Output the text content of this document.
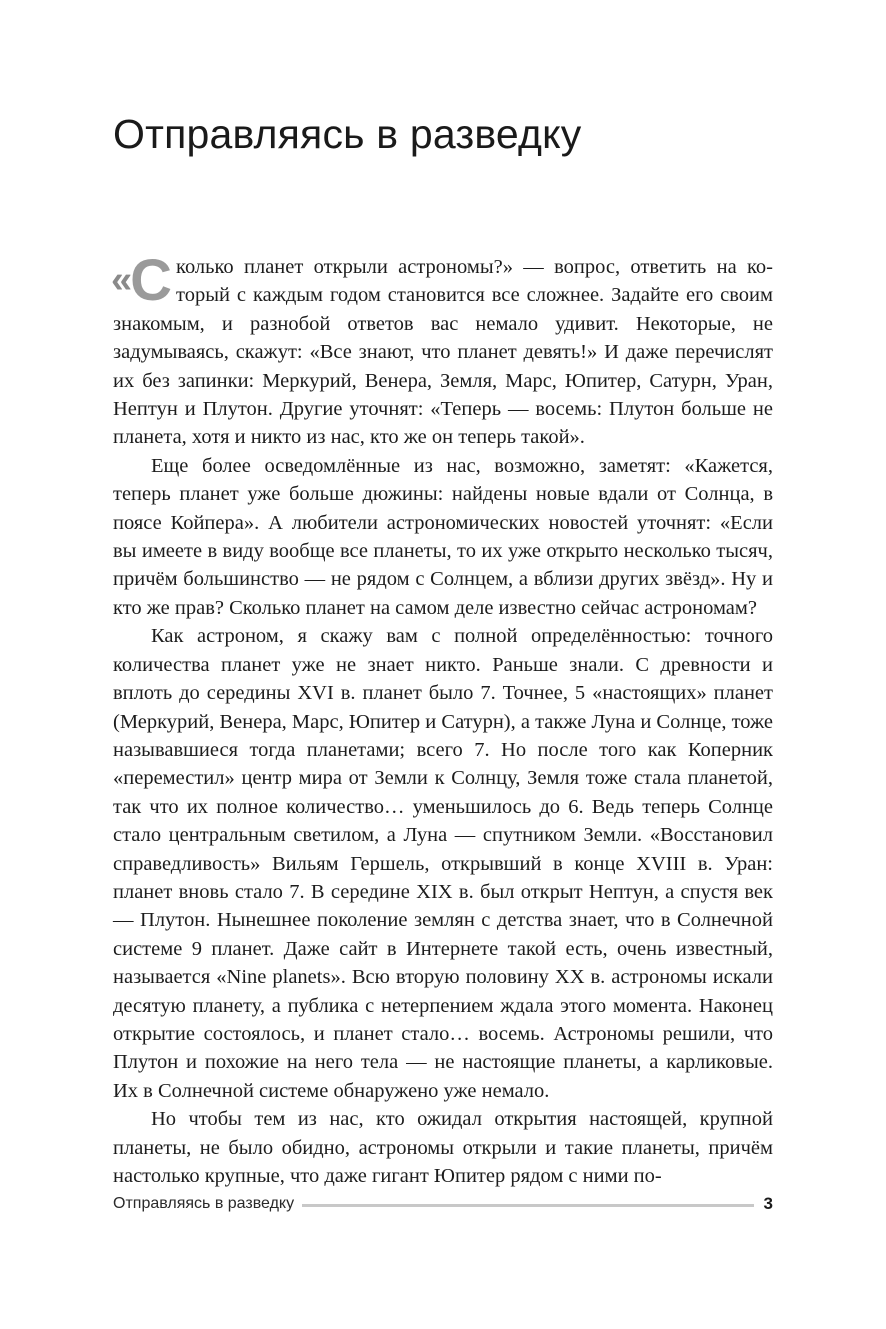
Отправляясь в разведку

« С колько планет открыли астрономы?» — вопрос, ответить на который с каждым годом становится все сложнее. Задайте его своим знакомым, и разнобой ответов вас немало удивит. Некоторые, не задумываясь, скажут: «Все знают, что планет девять!» И даже перечислят их без запинки: Меркурий, Венера, Земля, Марс, Юпитер, Сатурн, Уран, Нептун и Плутон. Другие уточнят: «Теперь — восемь: Плутон больше не планета, хотя и никто из нас, кто же он теперь такой».

Еще более осведомлённые из нас, возможно, заметят: «Кажется, теперь планет уже больше дюжины: найдены новые вдали от Солнца, в поясе Койпера». А любители астрономических новостей уточнят: «Если вы имеете в виду вообще все планеты, то их уже открыто несколько тысяч, причём большинство — не рядом с Солнцем, а вблизи других звёзд». Ну и кто же прав? Сколько планет на самом деле известно сейчас астрономам?

Как астроном, я скажу вам с полной определённостью: точного количества планет уже не знает никто. Раньше знали. С древности и вплоть до середины XVI в. планет было 7. Точнее, 5 «настоящих» планет (Меркурий, Венера, Марс, Юпитер и Сатурн), а также Луна и Солнце, тоже называвшиеся тогда планетами; всего 7. Но после того как Коперник «переместил» центр мира от Земли к Солнцу, Земля тоже стала планетой, так что их полное количество… уменьшилось до 6. Ведь теперь Солнце стало центральным светилом, а Луна — спутником Земли. «Восстановил справедливость» Вильям Гершель, открывший в конце XVIII в. Уран: планет вновь стало 7. В середине XIX в. был открыт Нептун, а спустя век — Плутон. Нынешнее поколение землян с детства знает, что в Солнечной системе 9 планет. Даже сайт в Интернете такой есть, очень известный, называется «Nine planets». Всю вторую половину XX в. астрономы искали десятую планету, а публика с нетерпением ждала этого момента. Наконец открытие состоялось, и планет стало… восемь. Астрономы решили, что Плутон и похожие на него тела — не настоящие планеты, а карликовые. Их в Солнечной системе обнаружено уже немало.

Но чтобы тем из нас, кто ожидал открытия настоящей, крупной планеты, не было обидно, астрономы открыли и такие планеты, причём настолько крупные, что даже гигант Юпитер рядом с ними по-

Отправляясь в разведку	3
